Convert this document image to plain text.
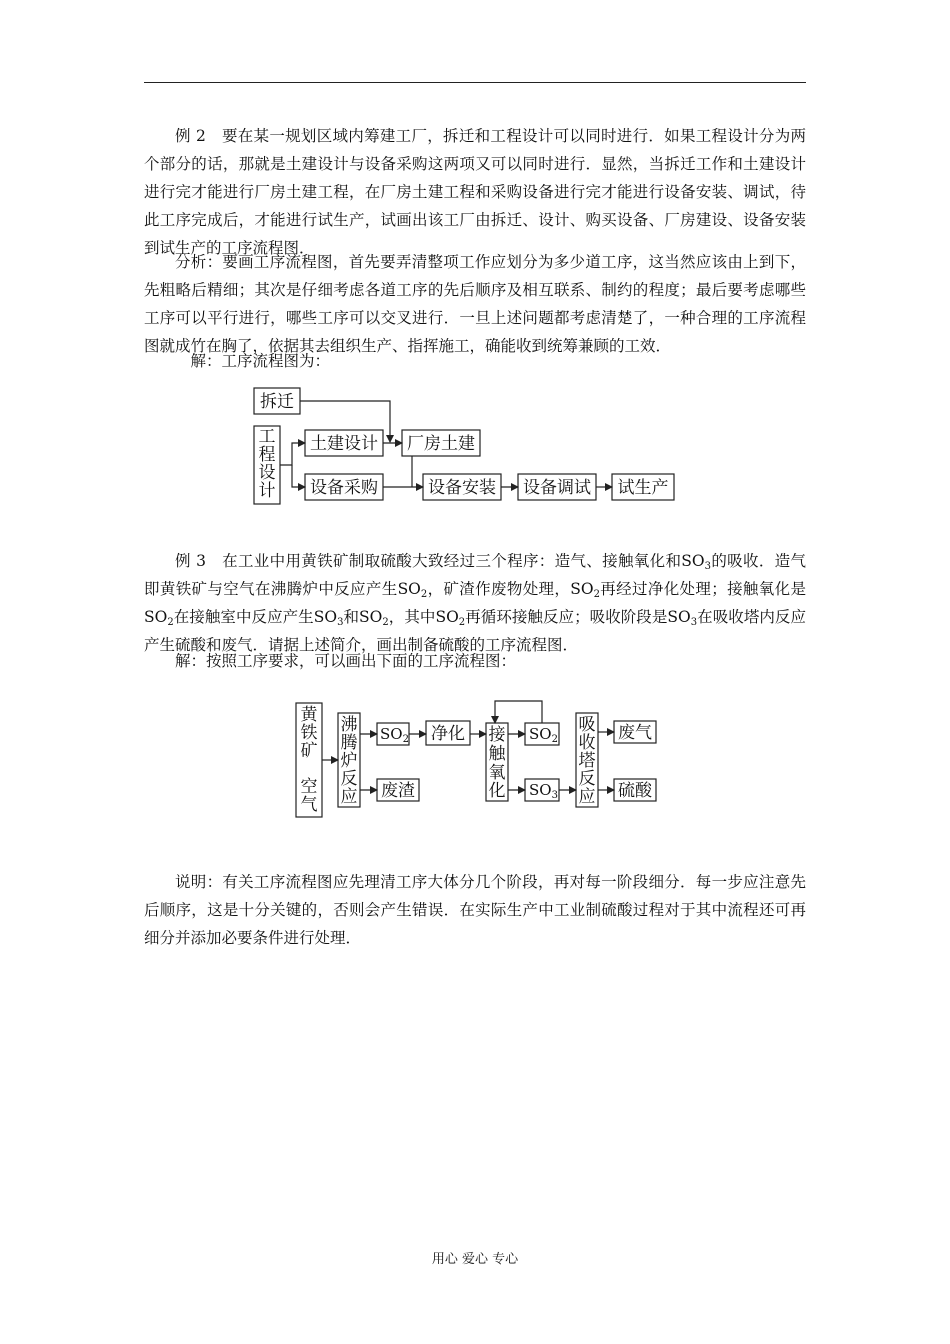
例 2　要在某一规划区域内筹建工厂，拆迁和工程设计可以同时进行．如果工程设计分为两个部分的话，那就是土建设计与设备采购这两项又可以同时进行．显然，当拆迁工作和土建设计进行完才能进行厂房土建工程，在厂房土建工程和采购设备进行完才能进行设备安装、调试，待此工序完成后，才能进行试生产，试画出该工厂由拆迁、设计、购买设备、厂房建设、设备安装到试生产的工序流程图．

分析：要画工序流程图，首先要弄清整项工作应划分为多少道工序，这当然应该由上到下，先粗略后精细；其次是仔细考虑各道工序的先后顺序及相互联系、制约的程度；最后要考虑哪些工序可以平行进行，哪些工序可以交叉进行．一旦上述问题都考虑清楚了，一种合理的工序流程图就成竹在胸了，依据其去组织生产、指挥施工，确能收到统筹兼顾的工效．

解：工序流程图为：

拆迁
工
程
设
计
土建设计
设备采购
厂房土建
设备安装 设备调试 试生产

例 3　在工业中用黄铁矿制取硫酸大致经过三个程序：造气、接触氧化和$SO_3$的吸收．造气即黄铁矿与空气在沸腾炉中反应产生$SO_2$，矿渣作废物处理，$SO_2$再经过净化处理；接触氧化是$SO_2$在接触室中反应产生$SO_3$和$SO_2$，其中$SO_2$再循环接触反应；吸收阶段是$SO_3$在吸收塔内反应产生硫酸和废气．请据上述简介，画出制备硫酸的工序流程图．

解：按照工序要求，可以画出下面的工序流程图：

黄
铁
矿
空
气
沸
腾
炉
反
应
$SO_2$
废渣
净化 接
触
氧
化
$SO_2$
$SO_3$
吸
收
塔
反
应
废气
硫酸

说明：有关工序流程图应先理清工序大体分几个阶段，再对每一阶段细分．每一步应注意先后顺序，这是十分关键的，否则会产生错误．在实际生产中工业制硫酸过程对于其中流程还可再细分并添加必要条件进行处理．

用心 爱心 专心
